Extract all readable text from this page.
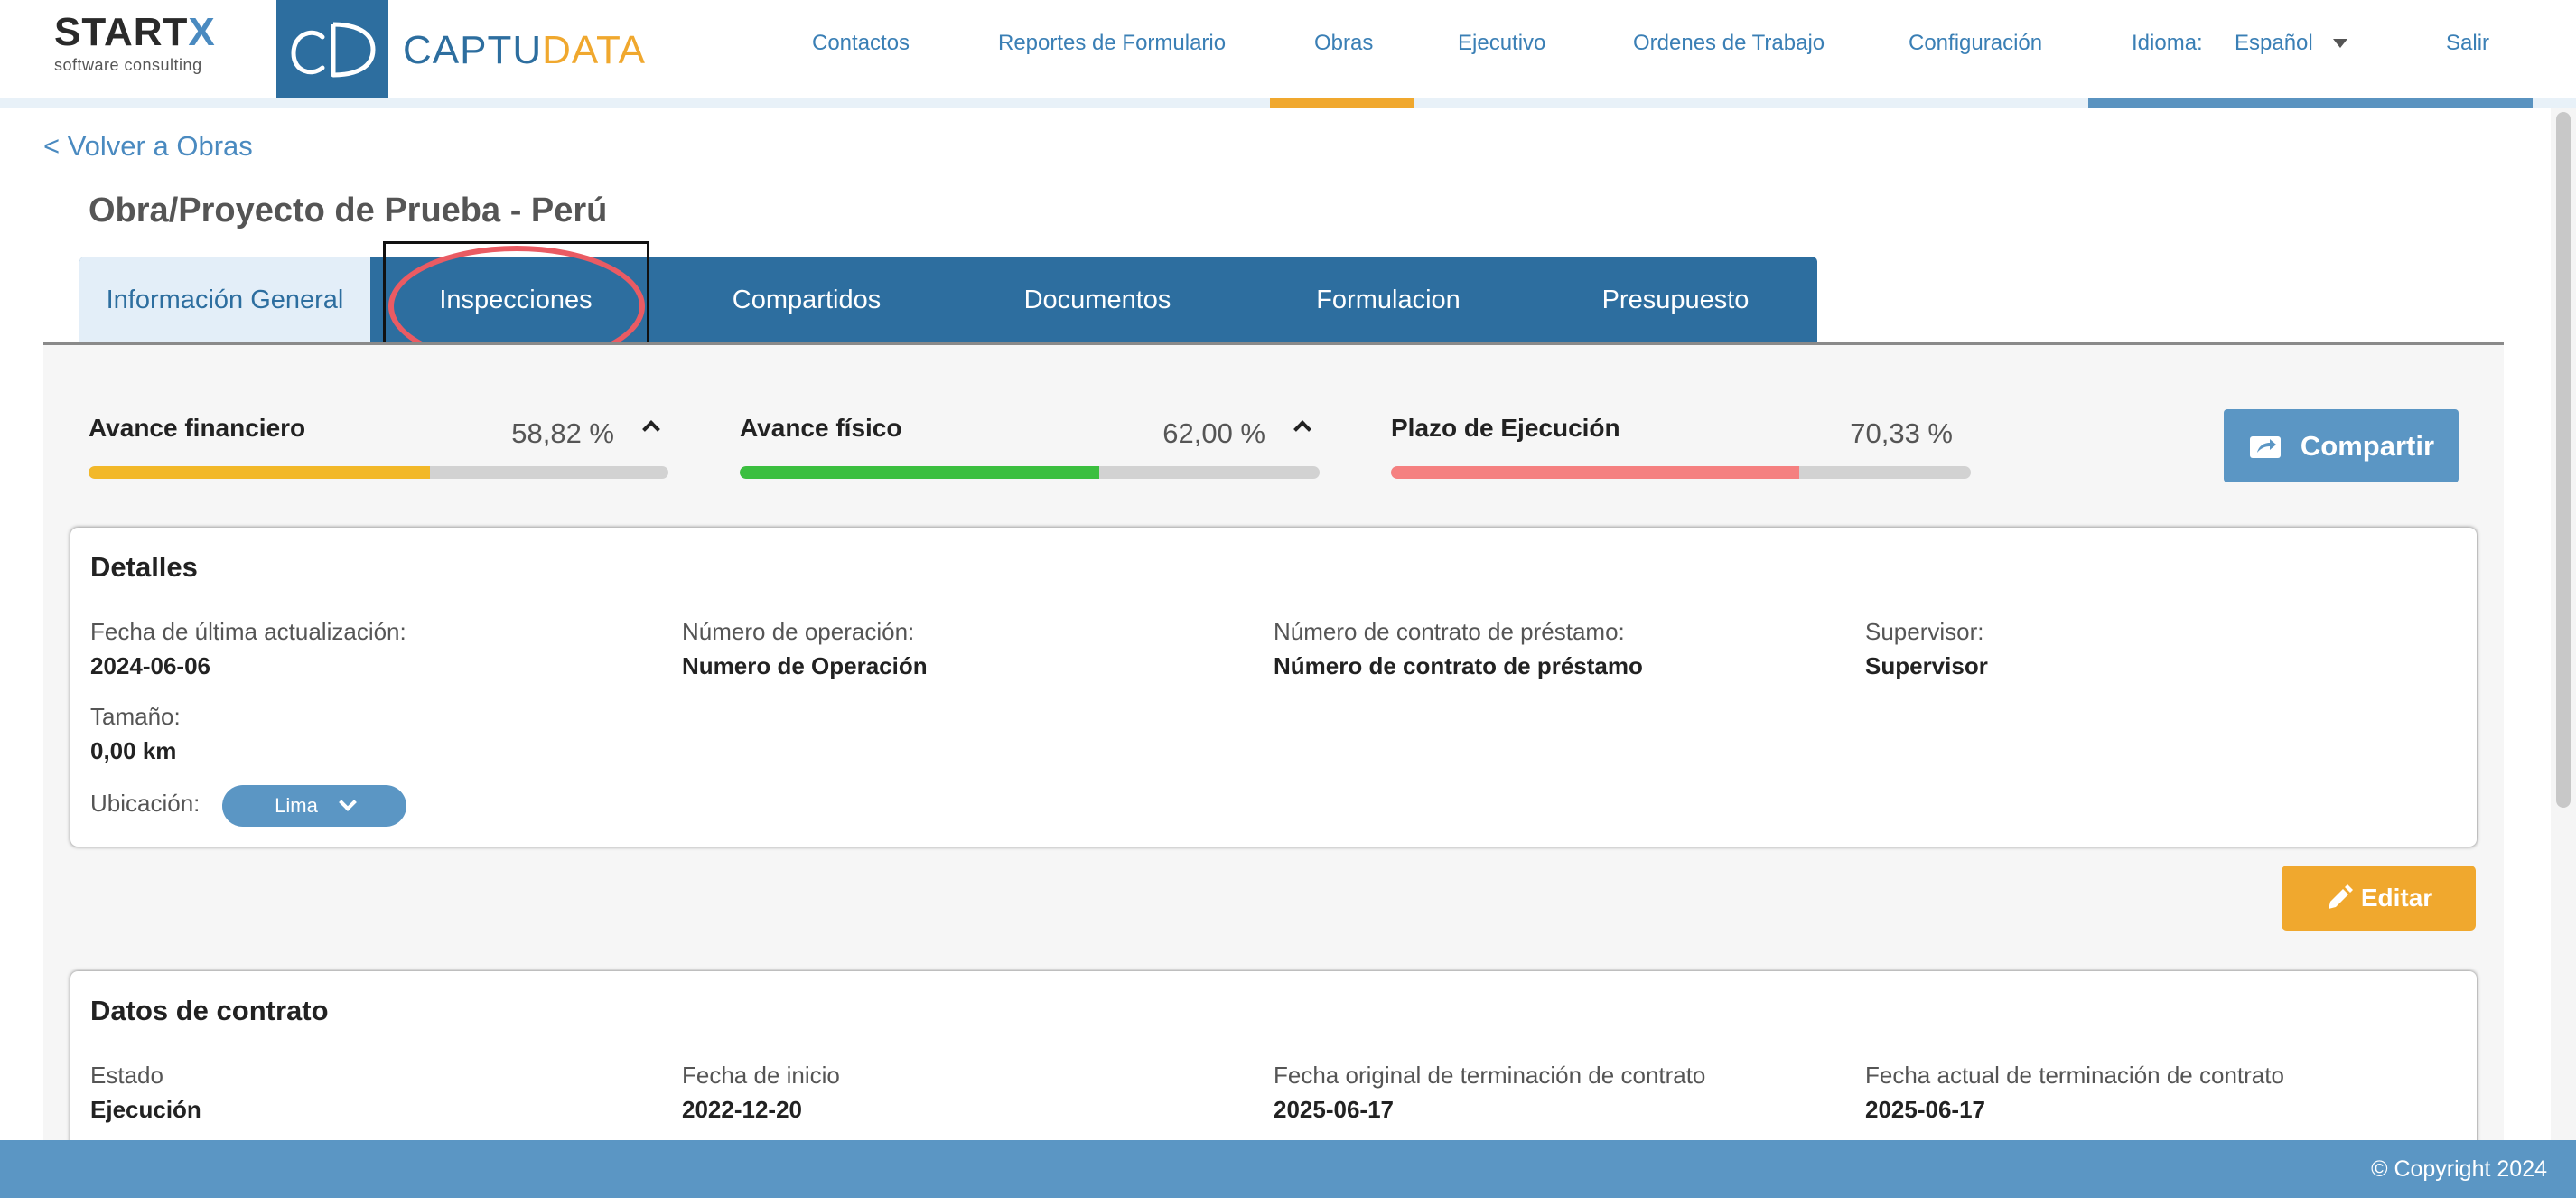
STARTX
software consulting	CAPTUDATA	Contactos	Reportes de Formulario	Obras	Ejecutivo	Ordenes de Trabajo	Configuración	Idioma: Español	Salir
< Volver a Obras
Obra/Proyecto de Prueba - Perú
Información General	Inspecciones	Compartidos	Documentos	Formulacion	Presupuesto
Avance financiero	58,82 %	Avance físico	62,00 %	Plazo de Ejecución	70,33 %	Compartir
Detalles
Fecha de última actualización:
2024-06-06
Número de operación:
Numero de Operación
Número de contrato de préstamo:
Número de contrato de préstamo
Supervisor:
Supervisor
Tamaño:
0,00 km
Ubicación:	Lima
Editar
Datos de contrato
Estado
Ejecución
Fecha de inicio
2022-12-20
Fecha original de terminación de contrato
2025-06-17
Fecha actual de terminación de contrato
2025-06-17
© Copyright 2024
